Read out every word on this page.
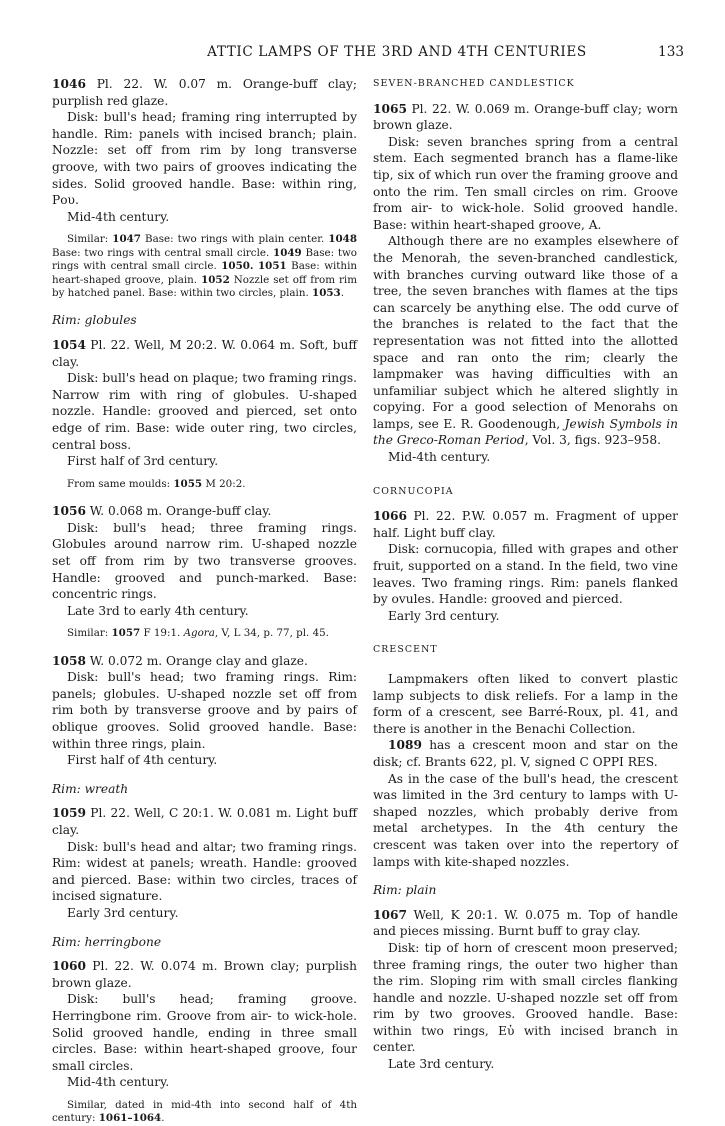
ATTIC LAMPS OF THE 3RD AND 4TH CENTURIES	133

1046 Pl. 22. W. 0.07 m. Orange-buff clay; purplish red glaze.

Disk: bull's head; framing ring interrupted by handle. Rim: panels with incised branch; plain. Nozzle: set off from rim by long transverse groove, with two pairs of grooves indicating the sides. Solid grooved handle. Base: within ring, Ρου.

Mid-4th century.

Similar: 1047 Base: two rings with plain center. 1048 Base: two rings with central small circle. 1049 Base: two rings with central small circle. 1050. 1051 Base: within heart-shaped groove, plain. 1052 Nozzle set off from rim by hatched panel. Base: within two circles, plain. 1053.

Rim: globules

1054 Pl. 22. Well, M 20:2. W. 0.064 m. Soft, buff clay.

Disk: bull's head on plaque; two framing rings. Narrow rim with ring of globules. U-shaped nozzle. Handle: grooved and pierced, set onto edge of rim. Base: wide outer ring, two circles, central boss.

First half of 3rd century.

From same moulds: 1055 M 20:2.

1056 W. 0.068 m. Orange-buff clay.

Disk: bull's head; three framing rings. Globules around narrow rim. U-shaped nozzle set off from rim by two transverse grooves. Handle: grooved and punch-marked. Base: concentric rings.

Late 3rd to early 4th century.

Similar: 1057 F 19:1. Agora, V, L 34, p. 77, pl. 45.

1058 W. 0.072 m. Orange clay and glaze.

Disk: bull's head; two framing rings. Rim: panels; globules. U-shaped nozzle set off from rim both by transverse groove and by pairs of oblique grooves. Solid grooved handle. Base: within three rings, plain.

First half of 4th century.

Rim: wreath

1059 Pl. 22. Well, C 20:1. W. 0.081 m. Light buff clay.

Disk: bull's head and altar; two framing rings. Rim: widest at panels; wreath. Handle: grooved and pierced. Base: within two circles, traces of incised signature.

Early 3rd century.

Rim: herringbone

1060 Pl. 22. W. 0.074 m. Brown clay; purplish brown glaze.

Disk: bull's head; framing groove. Herringbone rim. Groove from air- to wick-hole. Solid grooved handle, ending in three small circles. Base: within heart-shaped groove, four small circles.

Mid-4th century.

Similar, dated in mid-4th into second half of 4th century: 1061–1064.

SEVEN-BRANCHED CANDLESTICK

1065 Pl. 22. W. 0.069 m. Orange-buff clay; worn brown glaze.

Disk: seven branches spring from a central stem. Each segmented branch has a flame-like tip, six of which run over the framing groove and onto the rim. Ten small circles on rim. Groove from air- to wick-hole. Solid grooved handle. Base: within heart-shaped groove, Α.

Although there are no examples elsewhere of the Menorah, the seven-branched candlestick, with branches curving outward like those of a tree, the seven branches with flames at the tips can scarcely be anything else. The odd curve of the branches is related to the fact that the representation was not fitted into the allotted space and ran onto the rim; clearly the lampmaker was having difficulties with an unfamiliar subject which he altered slightly in copying. For a good selection of Menorahs on lamps, see E. R. Goodenough, Jewish Symbols in the Greco-Roman Period, Vol. 3, figs. 923–958.

Mid-4th century.

CORNUCOPIA

1066 Pl. 22. P.W. 0.057 m. Fragment of upper half. Light buff clay.

Disk: cornucopia, filled with grapes and other fruit, supported on a stand. In the field, two vine leaves. Two framing rings. Rim: panels flanked by ovules. Handle: grooved and pierced.

Early 3rd century.

CRESCENT

Lampmakers often liked to convert plastic lamp subjects to disk reliefs. For a lamp in the form of a crescent, see Barré-Roux, pl. 41, and there is another in the Benachi Collection.

1089 has a crescent moon and star on the disk; cf. Brants 622, pl. V, signed C OPPI RES.

As in the case of the bull's head, the crescent was limited in the 3rd century to lamps with U-shaped nozzles, which probably derive from metal archetypes. In the 4th century the crescent was taken over into the repertory of lamps with kite-shaped nozzles.

Rim: plain

1067 Well, K 20:1. W. 0.075 m. Top of handle and pieces missing. Burnt buff to gray clay.

Disk: tip of horn of crescent moon preserved; three framing rings, the outer two higher than the rim. Sloping rim with small circles flanking handle and nozzle. U-shaped nozzle set off from rim by two grooves. Grooved handle. Base: within two rings, Εὐ with incised branch in center.

Late 3rd century.
